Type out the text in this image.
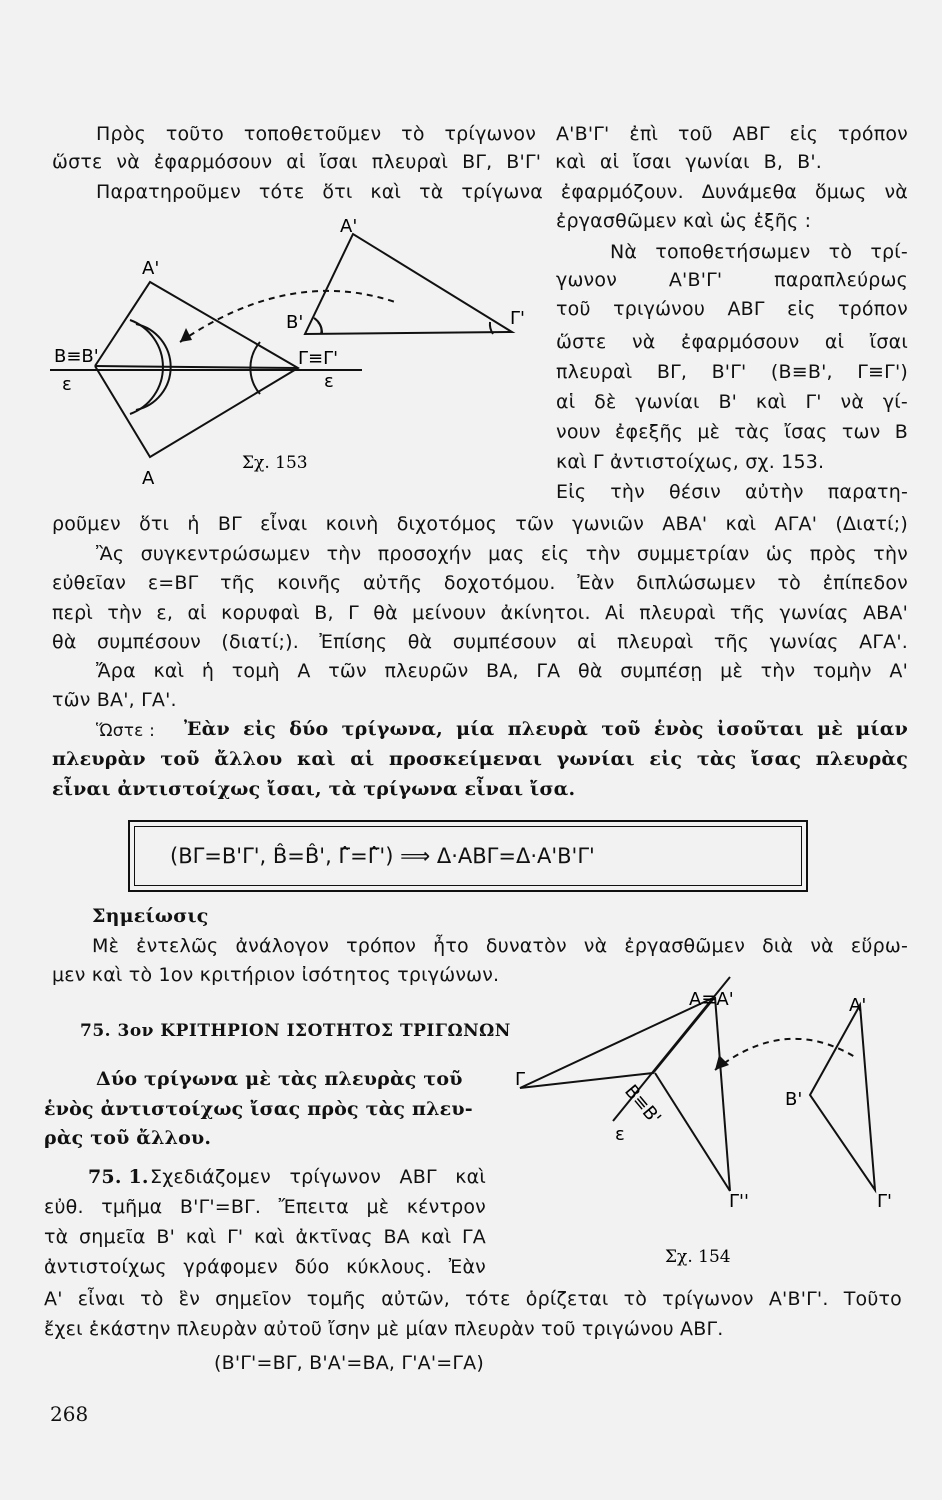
Πρὸς τοῦτο τοποθετοῦμεν τὸ τρίγωνον Α'Β'Γ' ἐπὶ τοῦ ΑΒΓ εἰς τρόπον
ὥστε νὰ ἐφαρμόσουν αἱ ἴσαι πλευραὶ ΒΓ, Β'Γ' καὶ αἱ ἴσαι γωνίαι Β, Β'.
Παρατηροῦμεν τότε ὅτι καὶ τὰ τρίγωνα ἐφαρμόζουν. Δυνάμεθα ὅμως νὰ
ἐργασθῶμεν καὶ ὡς ἑξῆς :
Νὰ τοποθετήσωμεν τὸ τρί-
γωνον Α'Β'Γ' παραπλεύρως
τοῦ τριγώνου ΑΒΓ εἰς τρόπον
ὥστε νὰ ἐφαρμόσουν αἱ ἴσαι
πλευραὶ ΒΓ, Β'Γ' (Β≡Β', Γ≡Γ')
αἱ δὲ γωνίαι Β' καὶ Γ' νὰ γί-
νουν ἐφεξῆς μὲ τὰς ἴσας των Β
καὶ Γ ἀντιστοίχως, σχ. 153.
Εἰς τὴν θέσιν αὐτὴν παρατη-
ροῦμεν ὅτι ἡ ΒΓ εἶναι κοινὴ διχοτόμος τῶν γωνιῶν ΑΒΑ' καὶ ΑΓΑ' (Διατί;)
Ἂς συγκεντρώσωμεν τὴν προσοχήν μας εἰς τὴν συμμετρίαν ὡς πρὸς τὴν
εὐθεῖαν ε=ΒΓ τῆς κοινῆς αὐτῆς δοχοτόμου. Ἐὰν διπλώσωμεν τὸ ἐπίπεδον
περὶ τὴν ε, αἱ κορυφαὶ Β, Γ θὰ μείνουν ἀκίνητοι. Αἱ πλευραὶ τῆς γωνίας ΑΒΑ'
θὰ συμπέσουν (διατί;). Ἐπίσης θὰ συμπέσουν αἱ πλευραὶ τῆς γωνίας ΑΓΑ'.
Ἄρα καὶ ἡ τομὴ Α τῶν πλευρῶν ΒΑ, ΓΑ θὰ συμπέσῃ μὲ τὴν τομὴν Α'
τῶν ΒΑ', ΓΑ'.
Ὥστε : Ἐὰν εἰς δύο τρίγωνα, μία πλευρὰ τοῦ ἑνὸς ἰσοῦται μὲ μίαν
πλευρὰν τοῦ ἄλλου καὶ αἱ προσκείμεναι γωνίαι εἰς τὰς ἴσας πλευρὰς
εἶναι ἀντιστοίχως ἴσαι, τὰ τρίγωνα εἶναι ἴσα.
(ΒΓ=Β'Γ', B̂=B̂', Γ̂=Γ̂') ⟹ Δ·ΑΒΓ=Δ·Α'Β'Γ'
Σημείωσις
Μὲ ἐντελῶς ἀνάλογον τρόπον ἦτο δυνατὸν νὰ ἐργασθῶμεν διὰ νὰ εὕρω-
μεν καὶ τὸ 1ον κριτήριον ἰσότητος τριγώνων.
75. 3ον ΚΡΙΤΗΡΙΟΝ ΙΣΟΤΗΤΟΣ ΤΡΙΓΩΝΩΝ
Δύο τρίγωνα μὲ τὰς πλευρὰς τοῦ
ἑνὸς ἀντιστοίχως ἴσας πρὸς τὰς πλευ-
ρὰς τοῦ ἄλλου.
75. 1. Σχεδιάζομεν τρίγωνον ΑΒΓ καὶ
εὐθ. τμῆμα Β'Γ'=ΒΓ. Ἔπειτα μὲ κέντρον
τὰ σημεῖα Β' καὶ Γ' καὶ ἀκτῖνας ΒΑ καὶ ΓΑ
ἀντιστοίχως γράφομεν δύο κύκλους. Ἐὰν
Α' εἶναι τὸ ἓν σημεῖον τομῆς αὐτῶν, τότε ὁρίζεται τὸ τρίγωνον Α'Β'Γ'. Τοῦτο
ἔχει ἑκάστην πλευρὰν αὐτοῦ ἴσην μὲ μίαν πλευρὰν τοῦ τριγώνου ΑΒΓ.
(Β'Γ'=ΒΓ, Β'Α'=ΒΑ, Γ'Α'=ΓΑ)
268
Α'
Α'
Β≡Β'
ε
Α
Β'	Γ'
Γ≡Γ'
ε
Σχ. 153
Α≡Α'	Α'
Γ
Β≡Β'
ε
Β'
Γ''	Γ'
Σχ. 154
